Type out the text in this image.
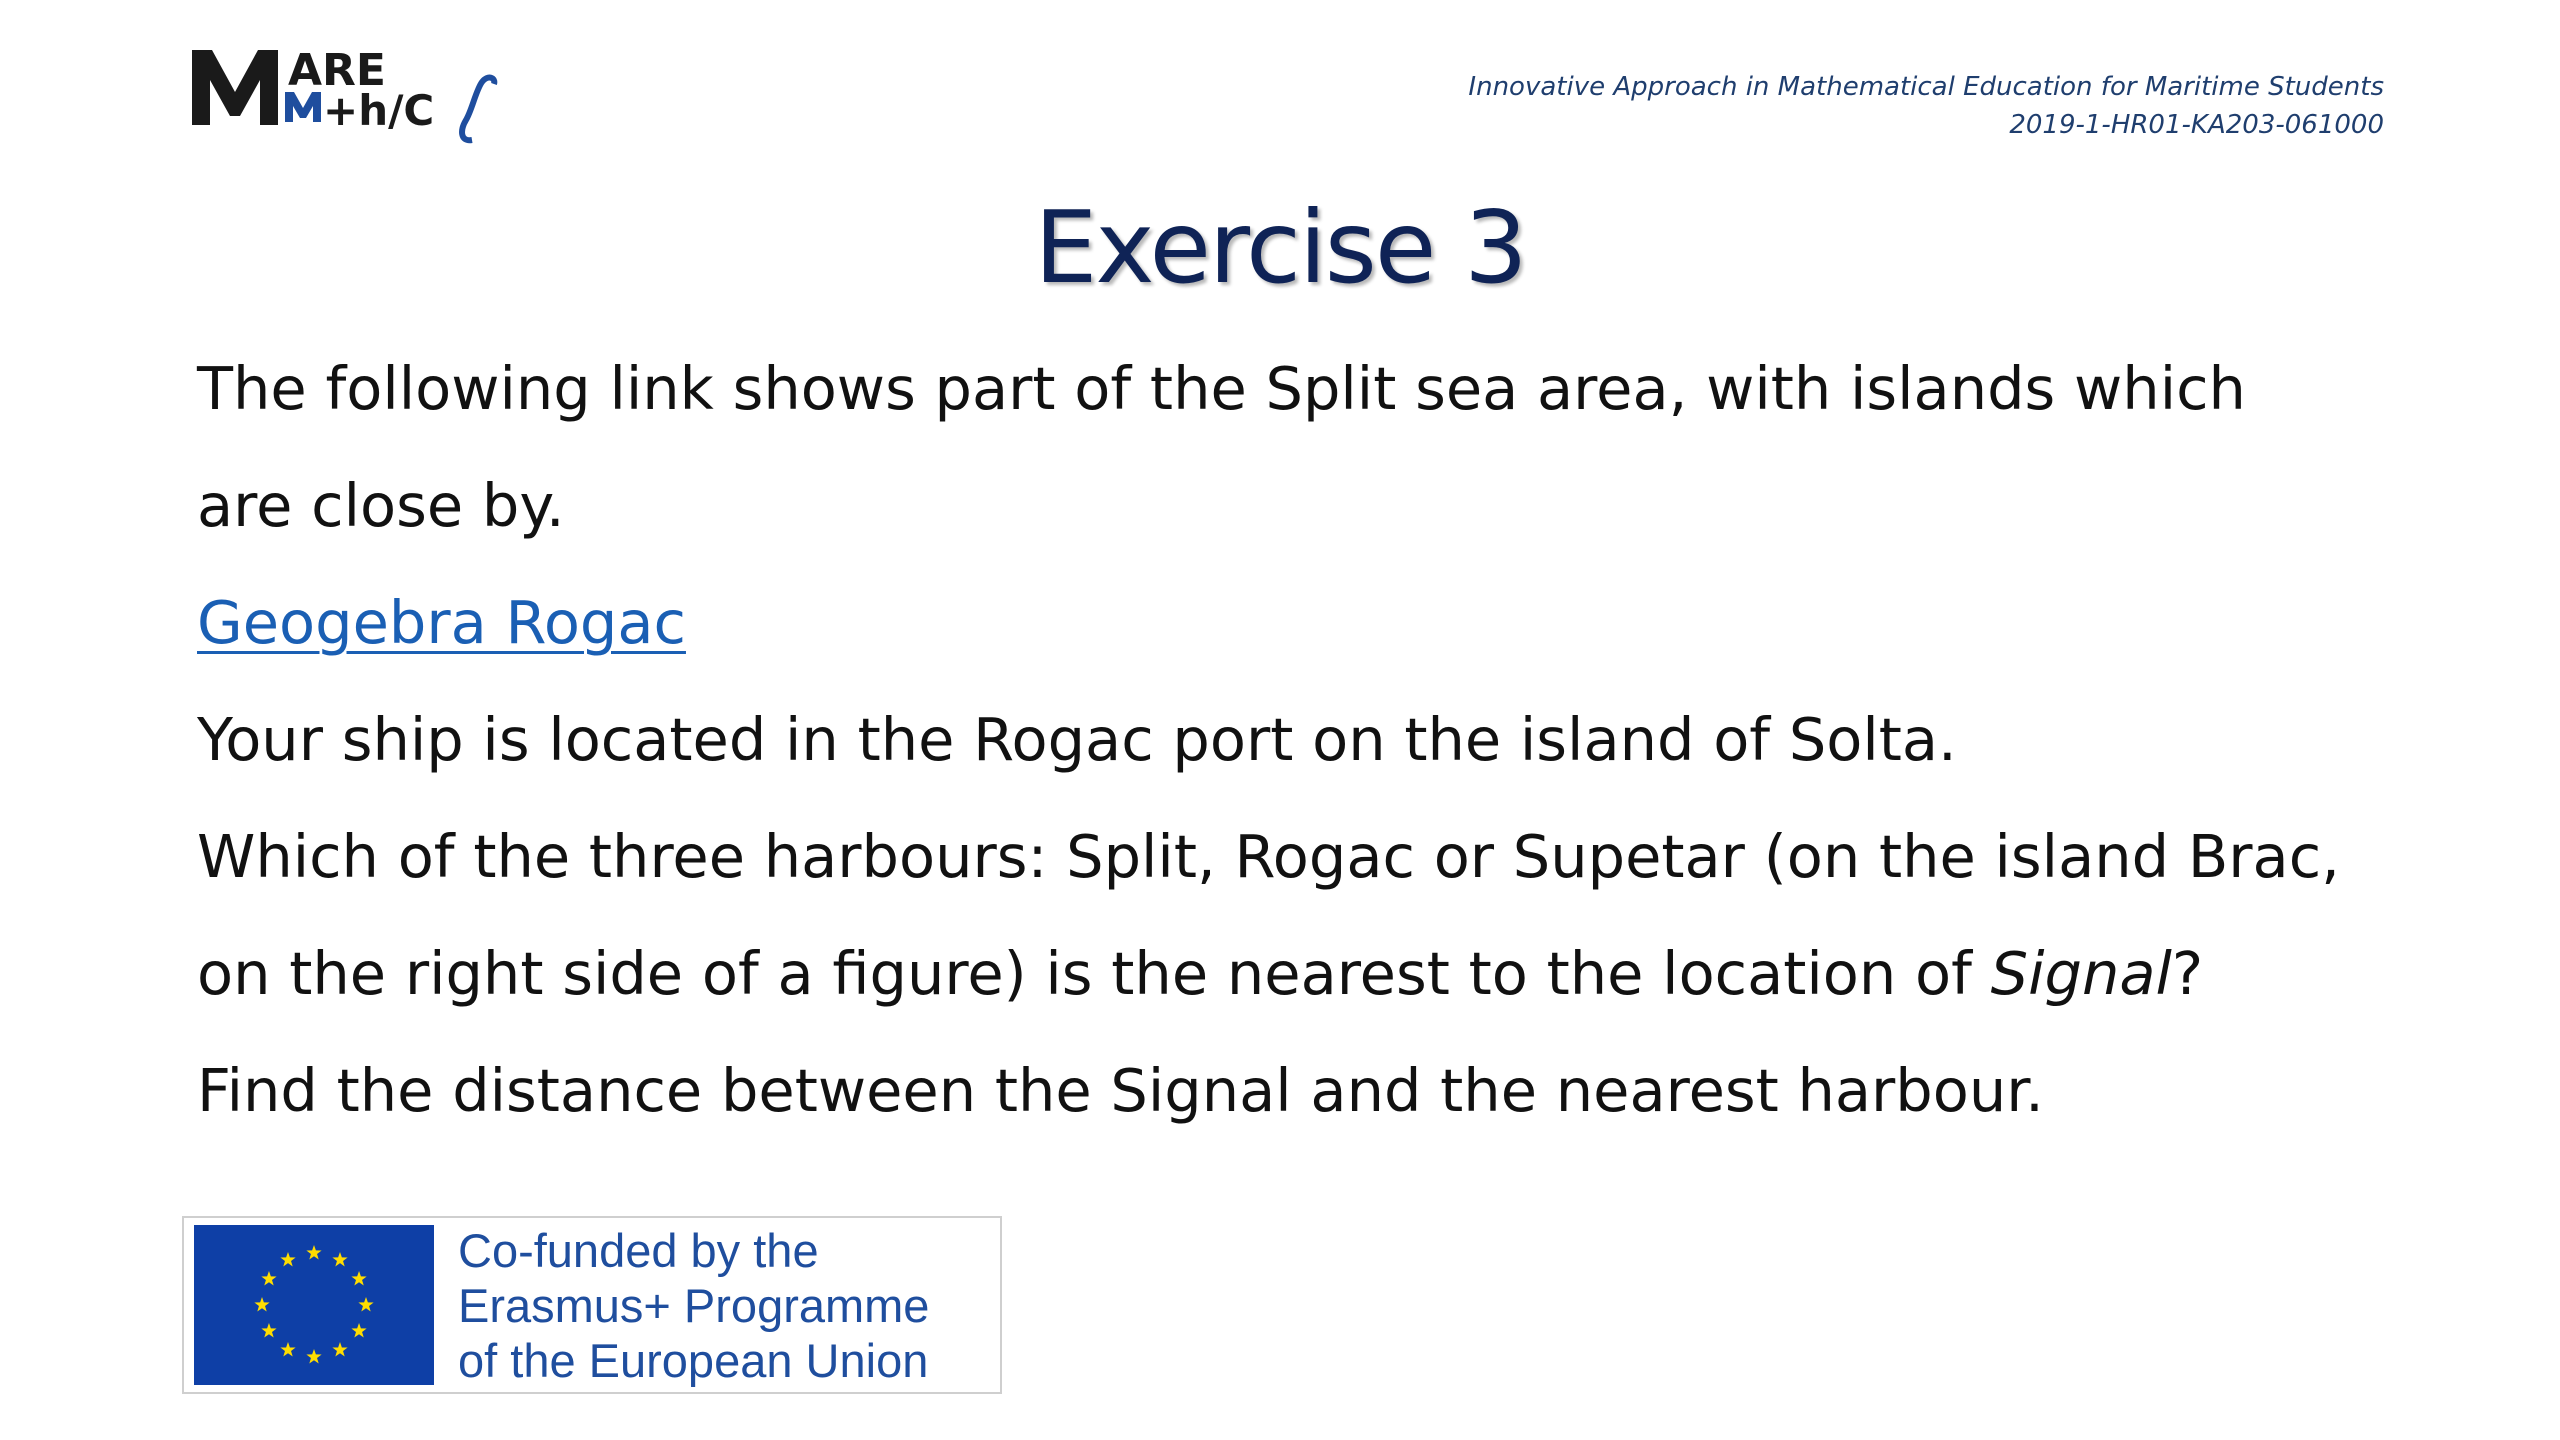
ARE
+h/C	Innovative Approach in Mathematical Education for Maritime Students
2019-1-HR01-KA203-061000
Exercise 3

The following link shows part of the Split sea area, with islands which

are close by.

Geogebra Rogac

Your ship is located in the Rogac port on the island of Solta.

Which of the three harbours: Split, Rogac or Supetar (on the island Brac,

on the right side of a figure) is the nearest to the location of Signal?

Find the distance between the Signal and the nearest harbour.

Co-funded by the
Erasmus+ Programme
of the European Union
